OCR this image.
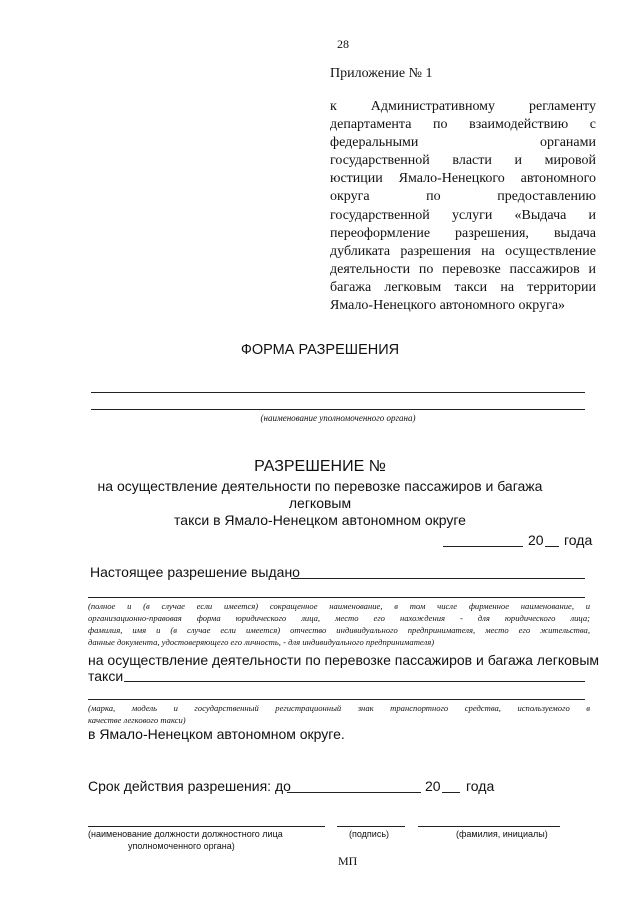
28
Приложение № 1
к Административному регламенту
департамента по взаимодействию с
федеральными органами
государственной власти и мировой
юстиции Ямало-Ненецкого автономного
округа по предоставлению
государственной услуги «Выдача и
переоформление разрешения, выдача
дубликата разрешения на осуществление
деятельности по перевозке пассажиров и
багажа легковым такси на территории
Ямало-Ненецкого автономного округа»
ФОРМА РАЗРЕШЕНИЯ
(наименование уполномоченного органа)
РАЗРЕШЕНИЕ №
на осуществление деятельности по перевозке пассажиров и багажа легковым
такси в Ямало-Ненецком автономном округе
20 года
Настоящее разрешение выдано
(полное и (в случае если имеется) сокращенное наименование, в том числе фирменное наименование, и
организационно-правовая форма юридического лица, место его нахождения - для юридического лица;
фамилия, имя и (в случае если имеется) отчество индивидуального предпринимателя, место его жительства,
данные документа, удостоверяющего его личность, - для индивидуального предпринимателя)
на осуществление деятельности по перевозке пассажиров и багажа легковым
такси
(марка, модель и государственный регистрационный знак транспортного средства, используемого в
качестве легкового такси)
в Ямало-Ненецком автономном округе.
Срок действия разрешения: до	20 года
(наименование должности должностного лица
уполномоченного органа)
(подпись)	(фамилия, инициалы)
МП
